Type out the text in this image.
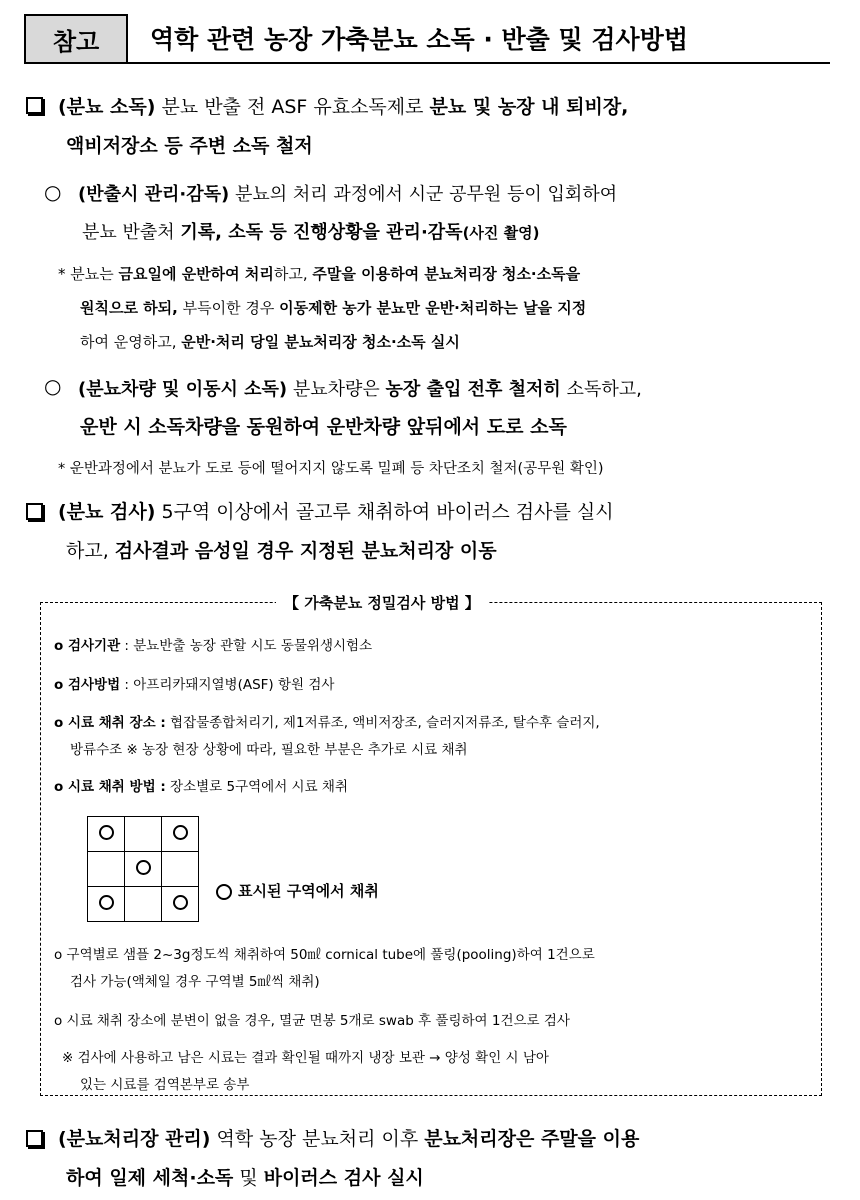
참고 역학 관련 농장 가축분뇨 소독 · 반출 및 검사방법
(분뇨 소독) 분뇨 반출 전 ASF 유효소독제로 분뇨 및 농장 내 퇴비장,
액비저장소 등 주변 소독 철저
○ (반출시 관리·감독) 분뇨의 처리 과정에서 시군 공무원 등이 입회하여
분뇨 반출처 기록, 소독 등 진행상황을 관리·감독(사진 촬영)
* 분뇨는 금요일에 운반하여 처리하고, 주말을 이용하여 분뇨처리장 청소·소독을
원칙으로 하되, 부득이한 경우 이동제한 농가 분뇨만 운반·처리하는 날을 지정
하여 운영하고, 운반·처리 당일 분뇨처리장 청소·소독 실시
○ (분뇨차량 및 이동시 소독) 분뇨차량은 농장 출입 전후 철저히 소독하고,
운반 시 소독차량을 동원하여 운반차량 앞뒤에서 도로 소독
* 운반과정에서 분뇨가 도로 등에 떨어지지 않도록 밀폐 등 차단조치 철저(공무원 확인)
(분뇨 검사) 5구역 이상에서 골고루 채취하여 바이러스 검사를 실시
하고, 검사결과 음성일 경우 지정된 분뇨처리장 이동
【 가축분뇨 정밀검사 방법 】
o 검사기관 : 분뇨반출 농장 관할 시도 동물위생시험소
o 검사방법 : 아프리카돼지열병(ASF) 항원 검사
o 시료 채취 장소 : 협잡물종합처리기, 제1저류조, 액비저장조, 슬러지저류조, 탈수후 슬러지,
방류수조 ※ 농장 현장 상황에 따라, 필요한 부분은 추가로 시료 채취
o 시료 채취 방법 : 장소별로 5구역에서 시료 채취

표시된 구역에서 채취
o 구역별로 샘플 2~3g정도씩 채취하여 50㎖ cornical tube에 풀링(pooling)하여 1건으로
검사 가능(액체일 경우 구역별 5㎖씩 채취)
o 시료 채취 장소에 분변이 없을 경우, 멸균 면봉 5개로 swab 후 풀링하여 1건으로 검사
※ 검사에 사용하고 남은 시료는 결과 확인될 때까지 냉장 보관 → 양성 확인 시 남아
있는 시료를 검역본부로 송부
(분뇨처리장 관리) 역학 농장 분뇨처리 이후 분뇨처리장은 주말을 이용
하여 일제 세척·소독 및 바이러스 검사 실시
